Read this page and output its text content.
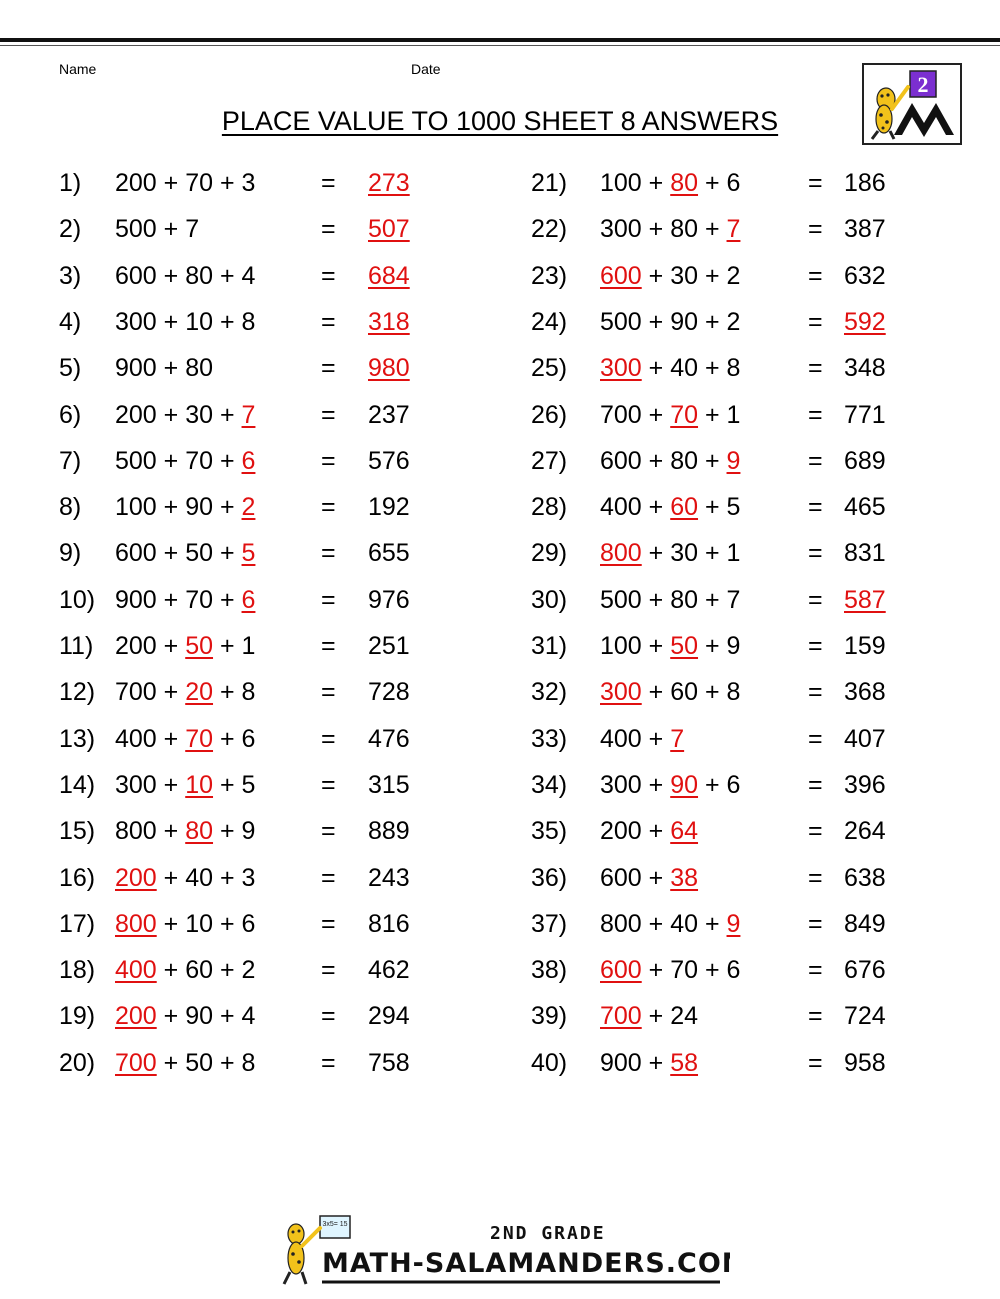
Name	Date
PLACE VALUE TO 1000 SHEET 8 ANSWERS
2
1) 200 + 70 + 3	= 273
2) 500 + 7	= 507
3) 600 + 80 + 4	= 684
4) 300 + 10 + 8	= 318
5) 900 + 80	= 980
6) 200 + 30 + 7	= 237
7) 500 + 70 + 6	= 576
8) 100 + 90 + 2	= 192
9) 600 + 50 + 5	= 655
10) 900 + 70 + 6	= 976
11) 200 + 50 + 1	= 251
12) 700 + 20 + 8	= 728
13) 400 + 70 + 6	= 476
14) 300 + 10 + 5	= 315
15) 800 + 80 + 9	= 889
16) 200 + 40 + 3	= 243
17) 800 + 10 + 6	= 816
18) 400 + 60 + 2	= 462
19) 200 + 90 + 4	= 294
20) 700 + 50 + 8	= 758
21) 100 + 80 + 6	= 186
22) 300 + 80 + 7	= 387
23) 600 + 30 + 2	= 632
24) 500 + 90 + 2	= 592
25) 300 + 40 + 8	= 348
26) 700 + 70 + 1	= 771
27) 600 + 80 + 9	= 689
28) 400 + 60 + 5	= 465
29) 800 + 30 + 1	= 831
30) 500 + 80 + 7	= 587
31) 100 + 50 + 9	= 159
32) 300 + 60 + 8	= 368
33) 400 + 7	= 407
34) 300 + 90 + 6	= 396
35) 200 + 64	= 264
36) 600 + 38	= 638
37) 800 + 40 + 9	= 849
38) 600 + 70 + 6	= 676
39) 700 + 24	= 724
40) 900 + 58	= 958
3x5= 15	2ND GRADE
MATH-SALAMANDERS.COM
